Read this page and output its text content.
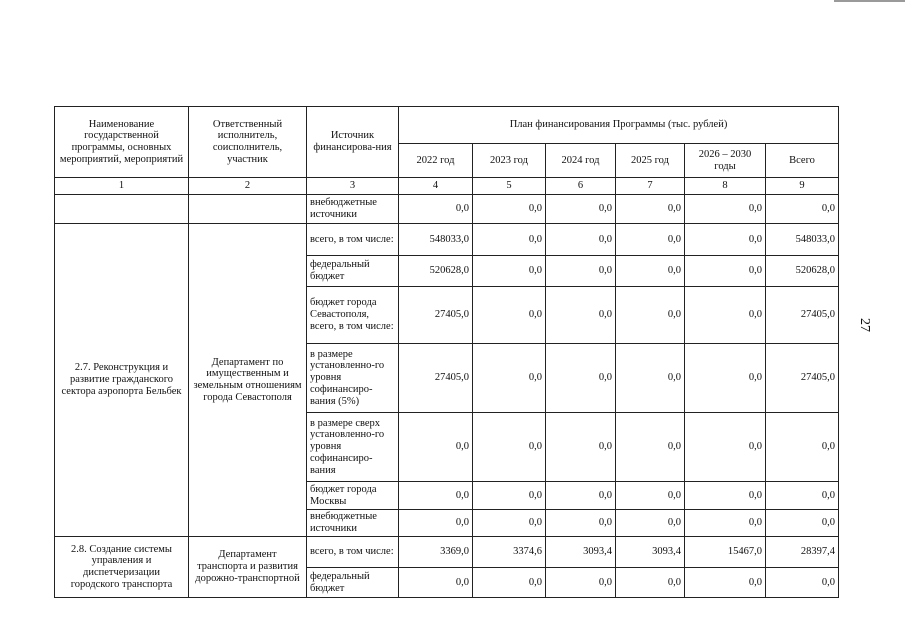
27
Наименование государственной программы, основных мероприятий, мероприятий	Ответственный исполнитель, соисполнитель, участник	Источник финансирова-ния	План финансирования Программы (тыс. рублей)					
			2022 год	2023 год	2024 год	2025 год	2026 – 2030 годы	Всего
1	2	3	4	5	6	7	8	9
		внебюджетные источники	0,0	0,0	0,0	0,0	0,0	0,0
2.7. Реконструкция и развитие гражданского сектора аэропорта Бельбек	Департамент по имущественным и земельным отношениям города Севастополя	всего, в том числе:	548033,0	0,0	0,0	0,0	0,0	548033,0
		федеральный бюджет	520628,0	0,0	0,0	0,0	0,0	520628,0
		бюджет города Севастополя, всего, в том числе:	27405,0	0,0	0,0	0,0	0,0	27405,0
		в размере установленно-го уровня софинансиро-вания (5%)	27405,0	0,0	0,0	0,0	0,0	27405,0
		в размере сверх установленно-го уровня софинансиро-вания	0,0	0,0	0,0	0,0	0,0	0,0
		бюджет города Москвы	0,0	0,0	0,0	0,0	0,0	0,0
		внебюджетные источники	0,0	0,0	0,0	0,0	0,0	0,0
2.8. Создание системы управления и диспетчеризации городского транспорта	Департамент транспорта и развития дорожно-транспортной	всего, в том числе:	3369,0	3374,6	3093,4	3093,4	15467,0	28397,4
		федеральный бюджет	0,0	0,0	0,0	0,0	0,0	0,0
